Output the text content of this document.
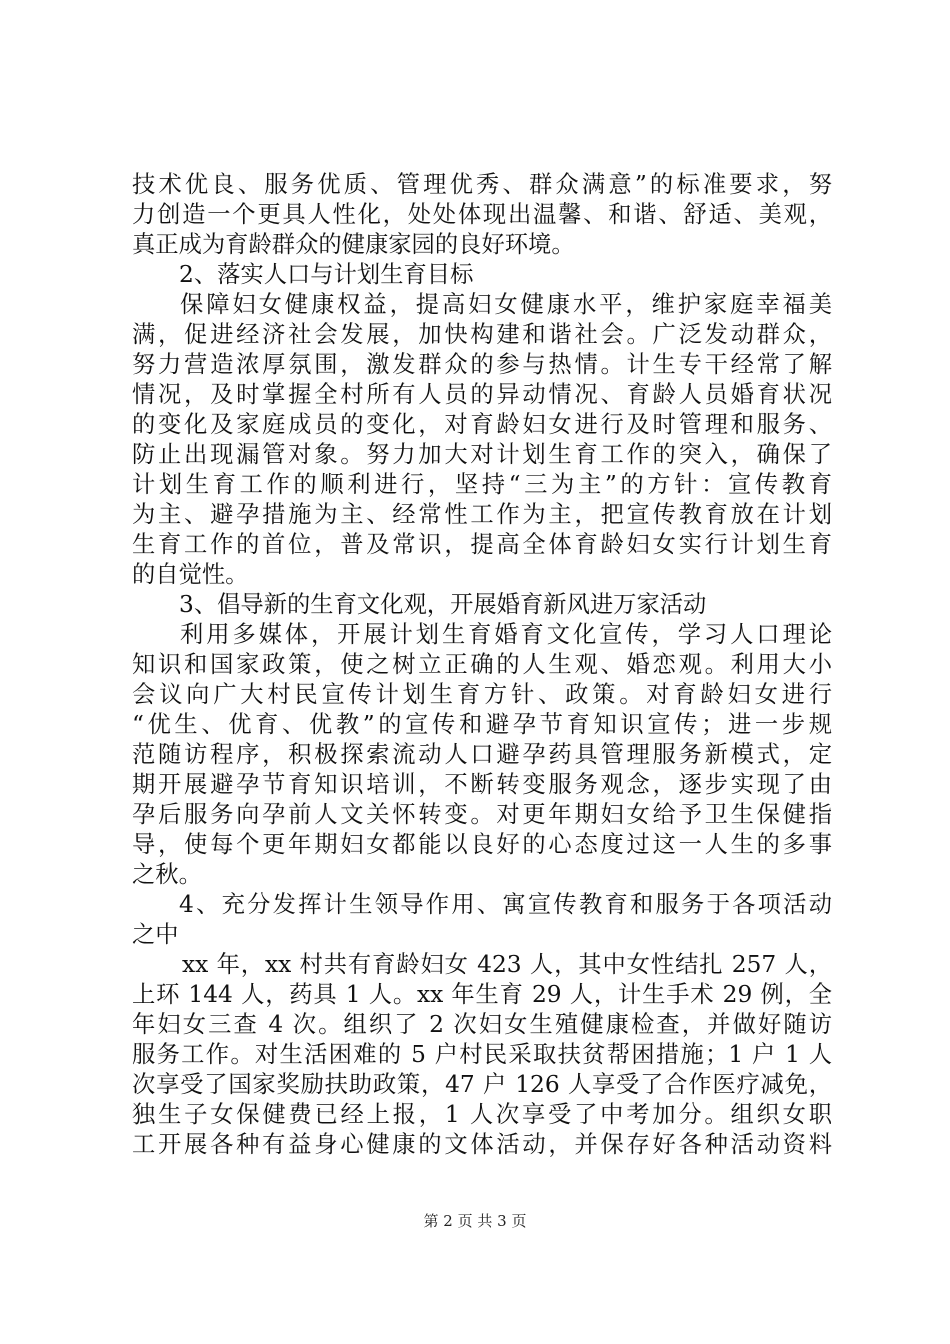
技术优良、服务优质、管理优秀、群众满意”的标准要求，努
力创造一个更具人性化，处处体现出温馨、和谐、舒适、美观，
真正成为育龄群众的健康家园的良好环境。
2、落实人口与计划生育目标
保障妇女健康权益，提高妇女健康水平，维护家庭幸福美
满，促进经济社会发展，加快构建和谐社会。广泛发动群众，
努力营造浓厚氛围，激发群众的参与热情。计生专干经常了解
情况，及时掌握全村所有人员的异动情况、育龄人员婚育状况
的变化及家庭成员的变化，对育龄妇女进行及时管理和服务、
防止出现漏管对象。努力加大对计划生育工作的突入，确保了
计划生育工作的顺利进行，坚持“三为主”的方针：宣传教育
为主、避孕措施为主、经常性工作为主，把宣传教育放在计划
生育工作的首位，普及常识，提高全体育龄妇女实行计划生育
的自觉性。
3、倡导新的生育文化观，开展婚育新风进万家活动
利用多媒体，开展计划生育婚育文化宣传，学习人口理论
知识和国家政策，使之树立正确的人生观、婚恋观。利用大小
会议向广大村民宣传计划生育方针、政策。对育龄妇女进行
“优生、优育、优教”的宣传和避孕节育知识宣传；进一步规
范随访程序，积极探索流动人口避孕药具管理服务新模式，定
期开展避孕节育知识培训，不断转变服务观念，逐步实现了由
孕后服务向孕前人文关怀转变。对更年期妇女给予卫生保健指
导，使每个更年期妇女都能以良好的心态度过这一人生的多事
之秋。
4、充分发挥计生领导作用、寓宣传教育和服务于各项活动
之中
xx 年，xx 村共有育龄妇女 423 人，其中女性结扎 257 人，
上环 144 人，药具 1 人。xx 年生育 29 人，计生手术 29 例，全
年妇女三查 4 次。组织了 2 次妇女生殖健康检查，并做好随访
服务工作。对生活困难的 5 户村民采取扶贫帮困措施；1 户 1 人
次享受了国家奖励扶助政策，47 户 126 人享受了合作医疗减免，
独生子女保健费已经上报，1 人次享受了中考加分。组织女职
工开展各种有益身心健康的文体活动，并保存好各种活动资料
第 2 页 共 3 页
